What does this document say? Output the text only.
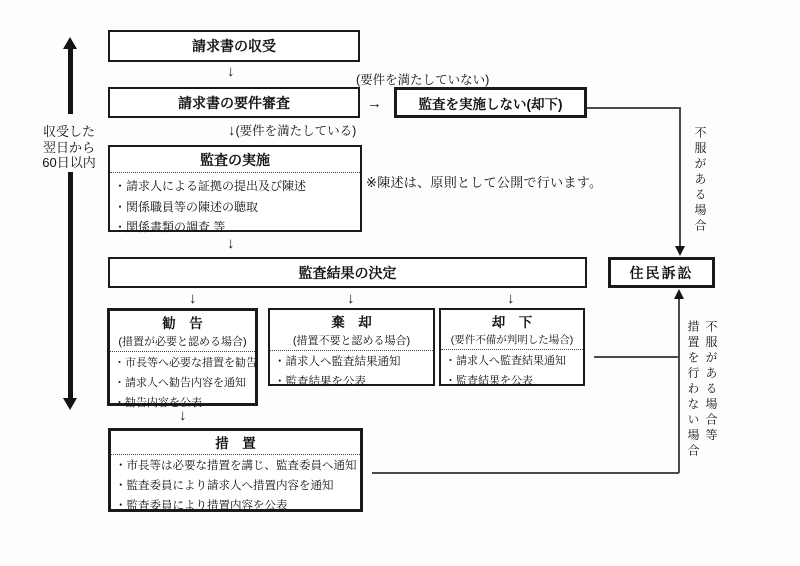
収受した
翌日から
60日以内
請求書の収受
↓
請求書の要件審査
(要件を満たしていない)
→	監査を実施しない(却下)
↓(要件を満たしている)
監査の実施
・請求人による証拠の提出及び陳述
・関係職員等の陳述の聴取
・関係書類の調査 等
※陳述は、原則として公開で行います。
↓
監査結果の決定
↓	↓	↓
勧　告
(措置が必要と認める場合)
・市長等へ必要な措置を勧告
・請求人へ勧告内容を通知
・勧告内容を公表
棄　却
(措置不要と認める場合)
・請求人へ監査結果通知
・監査結果を公表
却　下
(要件不備が判明した場合)
・請求人へ監査結果通知
・監査結果を公表
↓
措　置
・市長等は必要な措置を講じ、監査委員へ通知
・監査委員により請求人へ措置内容を通知
・監査委員により措置内容を公表
住民訴訟
不服がある場合
不服がある場合等
措置を行わない場合
